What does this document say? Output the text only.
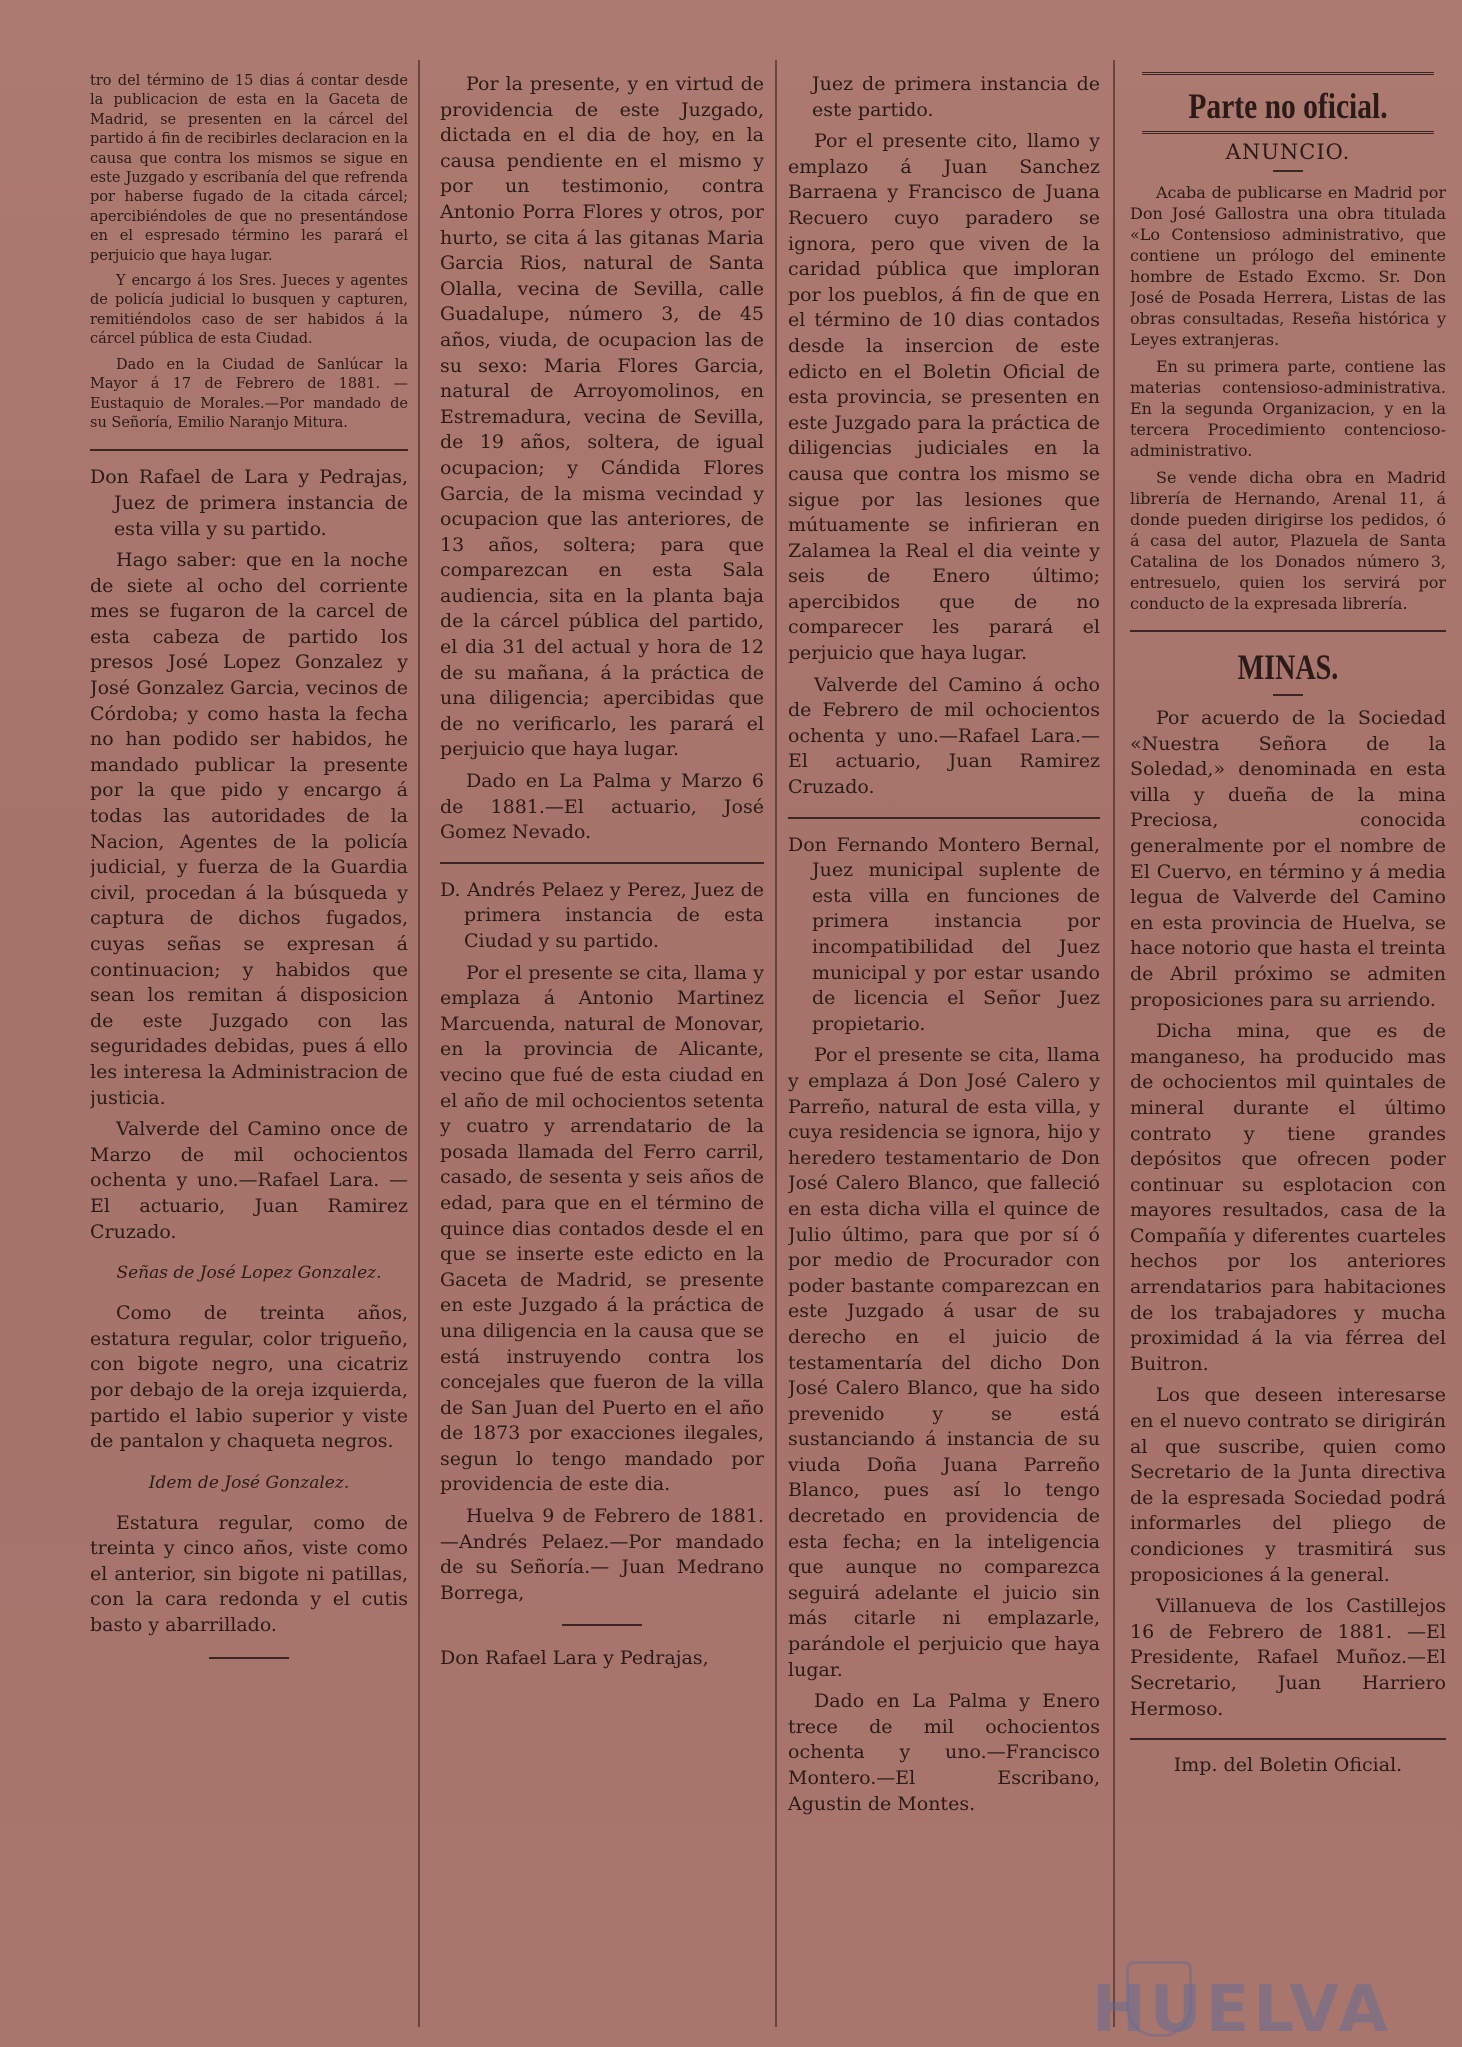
tro del término de 15 dias á contar desde la publicacion de esta en la Gaceta de Madrid, se presenten en la cárcel del partido á fin de recibirles declaracion en la causa que contra los mismos se sigue en este Juzgado y escribanía del que refrenda por haberse fugado de la citada cárcel; apercibiéndoles de que no presentándose en el espresado término les parará el perjuicio que haya lugar.

Y encargo á los Sres. Jueces y agentes de policía judicial lo busquen y capturen, remitiéndolos caso de ser habidos á la cárcel pública de esta Ciudad.

Dado en la Ciudad de Sanlúcar la Mayor á 17 de Febrero de 1881. —Eustaquio de Morales.—Por mandado de su Señoría, Emilio Naranjo Mitura.

Don Rafael de Lara y Pedrajas, Juez de primera instancia de esta villa y su partido.

Hago saber: que en la noche de siete al ocho del corriente mes se fugaron de la carcel de esta cabeza de partido los presos José Lopez Gonzalez y José Gonzalez Garcia, vecinos de Córdoba; y como hasta la fecha no han podido ser habidos, he mandado publicar la presente por la que pido y encargo á todas las autoridades de la Nacion, Agentes de la policía judicial, y fuerza de la Guardia civil, procedan á la búsqueda y captura de dichos fugados, cuyas señas se expresan á continuacion; y habidos que sean los remitan á disposicion de este Juzgado con las seguridades debidas, pues á ello les interesa la Administracion de justicia.

Valverde del Camino once de Marzo de mil ochocientos ochenta y uno.—Rafael Lara. —El actuario, Juan Ramirez Cruzado.

Señas de José Lopez Gonzalez.

Como de treinta años, estatura regular, color trigueño, con bigote negro, una cicatriz por debajo de la oreja izquierda, partido el labio superior y viste de pantalon y chaqueta negros.

Idem de José Gonzalez.

Estatura regular, como de treinta y cinco años, viste como el anterior, sin bigote ni patillas, con la cara redonda y el cutis basto y abarrillado.

Por la presente, y en virtud de providencia de este Juzgado, dictada en el dia de hoy, en la causa pendiente en el mismo y por un testimonio, contra Antonio Porra Flores y otros, por hurto, se cita á las gitanas Maria Garcia Rios, natural de Santa Olalla, vecina de Sevilla, calle Guadalupe, número 3, de 45 años, viuda, de ocupacion las de su sexo: Maria Flores Garcia, natural de Arroyomolinos, en Estremadura, vecina de Sevilla, de 19 años, soltera, de igual ocupacion; y Cándida Flores Garcia, de la misma vecindad y ocupacion que las anteriores, de 13 años, soltera; para que comparezcan en esta Sala audiencia, sita en la planta baja de la cárcel pública del partido, el dia 31 del actual y hora de 12 de su mañana, á la práctica de una diligencia; apercibidas que de no verificarlo, les parará el perjuicio que haya lugar.

Dado en La Palma y Marzo 6 de 1881.—El actuario, José Gomez Nevado.

D. Andrés Pelaez y Perez, Juez de primera instancia de esta Ciudad y su partido.

Por el presente se cita, llama y emplaza á Antonio Martinez Marcuenda, natural de Monovar, en la provincia de Alicante, vecino que fué de esta ciudad en el año de mil ochocientos setenta y cuatro y arrendatario de la posada llamada del Ferro carril, casado, de sesenta y seis años de edad, para que en el término de quince dias contados desde el en que se inserte este edicto en la Gaceta de Madrid, se presente en este Juzgado á la práctica de una diligencia en la causa que se está instruyendo contra los concejales que fueron de la villa de San Juan del Puerto en el año de 1873 por exacciones ilegales, segun lo tengo mandado por providencia de este dia.

Huelva 9 de Febrero de 1881.—Andrés Pelaez.—Por mandado de su Señoría.— Juan Medrano Borrega,

Don Rafael Lara y Pedrajas,

Juez de primera instancia de este partido.

Por el presente cito, llamo y emplazo á Juan Sanchez Barraena y Francisco de Juana Recuero cuyo paradero se ignora, pero que viven de la caridad pública que imploran por los pueblos, á fin de que en el término de 10 dias contados desde la insercion de este edicto en el Boletin Oficial de esta provincia, se presenten en este Juzgado para la práctica de diligencias judiciales en la causa que contra los mismo se sigue por las lesiones que mútuamente se infirieran en Zalamea la Real el dia veinte y seis de Enero último; apercibidos que de no comparecer les parará el perjuicio que haya lugar.

Valverde del Camino á ocho de Febrero de mil ochocientos ochenta y uno.—Rafael Lara.—El actuario, Juan Ramirez Cruzado.

Don Fernando Montero Bernal, Juez municipal suplente de esta villa en funciones de primera instancia por incompatibilidad del Juez municipal y por estar usando de licencia el Señor Juez propietario.

Por el presente se cita, llama y emplaza á Don José Calero y Parreño, natural de esta villa, y cuya residencia se ignora, hijo y heredero testamentario de Don José Calero Blanco, que falleció en esta dicha villa el quince de Julio último, para que por sí ó por medio de Procurador con poder bastante comparezcan en este Juzgado á usar de su derecho en el juicio de testamentaría del dicho Don José Calero Blanco, que ha sido prevenido y se está sustanciando á instancia de su viuda Doña Juana Parreño Blanco, pues así lo tengo decretado en providencia de esta fecha; en la inteligencia que aunque no comparezca seguirá adelante el juicio sin más citarle ni emplazarle, parándole el perjuicio que haya lugar.

Dado en La Palma y Enero trece de mil ochocientos ochenta y uno.—Francisco Montero.—El Escribano, Agustin de Montes.

Parte no oficial.
ANUNCIO.

Acaba de publicarse en Madrid por Don José Gallostra una obra titulada «Lo Contensioso administrativo, que contiene un prólogo del eminente hombre de Estado Excmo. Sr. Don José de Posada Herrera, Listas de las obras consultadas, Reseña histórica y Leyes extranjeras.

En su primera parte, contiene las materias contensioso-administrativa. En la segunda Organizacion, y en la tercera Procedimiento contencioso-administrativo.

Se vende dicha obra en Madrid librería de Hernando, Arenal 11, á donde pueden dirigirse los pedidos, ó á casa del autor, Plazuela de Santa Catalina de los Donados número 3, entresuelo, quien los servirá por conducto de la expresada librería.

MINAS.

Por acuerdo de la Sociedad «Nuestra Señora de la Soledad,» denominada en esta villa y dueña de la mina Preciosa, conocida generalmente por el nombre de El Cuervo, en término y á media legua de Valverde del Camino en esta provincia de Huelva, se hace notorio que hasta el treinta de Abril próximo se admiten proposiciones para su arriendo.

Dicha mina, que es de manganeso, ha producido mas de ochocientos mil quintales de mineral durante el último contrato y tiene grandes depósitos que ofrecen poder continuar su esplotacion con mayores resultados, casa de la Compañía y diferentes cuarteles hechos por los anteriores arrendatarios para habitaciones de los trabajadores y mucha proximidad á la via férrea del Buitron.

Los que deseen interesarse en el nuevo contrato se dirigirán al que suscribe, quien como Secretario de la Junta directiva de la espresada Sociedad podrá informarles del pliego de condiciones y trasmitirá sus proposiciones á la general.

Villanueva de los Castillejos 16 de Febrero de 1881. —El Presidente, Rafael Muñoz.—El Secretario, Juan Harriero Hermoso.

Imp. del Boletin Oficial.
HUELVA
